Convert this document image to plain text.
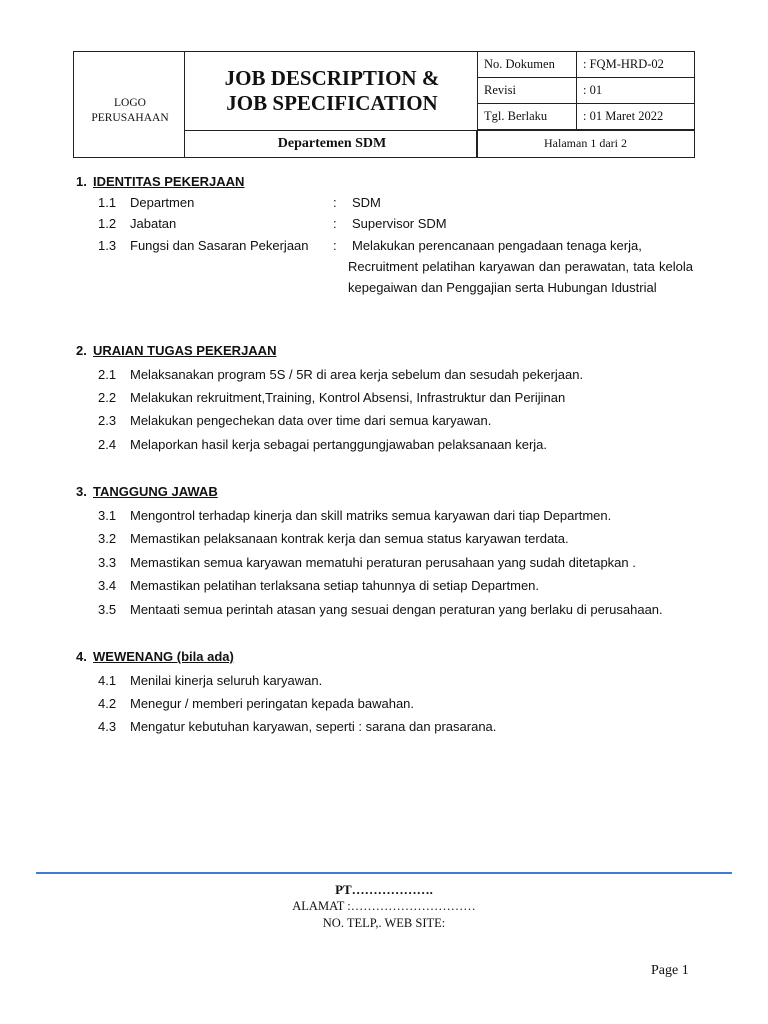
LOGO
PERUSAHAAN
JOB DESCRIPTION &
JOB SPECIFICATION
Departemen SDM
No. Dokumen : FQM-HRD-02
Revisi	: 01
Tgl. Berlaku	: 01 Maret 2022
Halaman 1 dari 2
1. IDENTITAS PEKERJAAN
1.1 Departmen	: SDM
1.2 Jabatan	: Supervisor SDM
1.3 Fungsi dan Sasaran Pekerjaan : Melakukan perencanaan pengadaan tenaga kerja,
Recruitment pelatihan karyawan dan perawatan, tata kelola kepegaiwan dan Penggajian serta Hubungan Idustrial
2. URAIAN TUGAS PEKERJAAN
2.1 Melaksanakan program 5S / 5R di area kerja sebelum dan sesudah pekerjaan.
2.2 Melakukan rekruitment,Training, Kontrol Absensi, Infrastruktur dan Perijinan
2.3 Melakukan pengechekan data over time dari semua karyawan.
2.4 Melaporkan hasil kerja sebagai pertanggungjawaban pelaksanaan kerja.
3. TANGGUNG JAWAB
3.1 Mengontrol terhadap kinerja dan skill matriks semua karyawan dari tiap Departmen.
3.2 Memastikan pelaksanaan kontrak kerja dan semua status karyawan terdata.
3.3 Memastikan semua karyawan mematuhi peraturan perusahaan yang sudah ditetapkan .
3.4 Memastikan pelatihan terlaksana setiap tahunnya di setiap Departmen.
3.5 Mentaati semua perintah atasan yang sesuai dengan peraturan yang berlaku di perusahaan.
4. WEWENANG (bila ada)
4.1 Menilai kinerja seluruh karyawan.
4.2 Menegur / memberi peringatan kepada bawahan.
4.3 Mengatur kebutuhan karyawan, seperti : sarana dan prasarana.
PT……………….
ALAMAT :…………………………
NO. TELP,. WEB SITE:
Page 1
